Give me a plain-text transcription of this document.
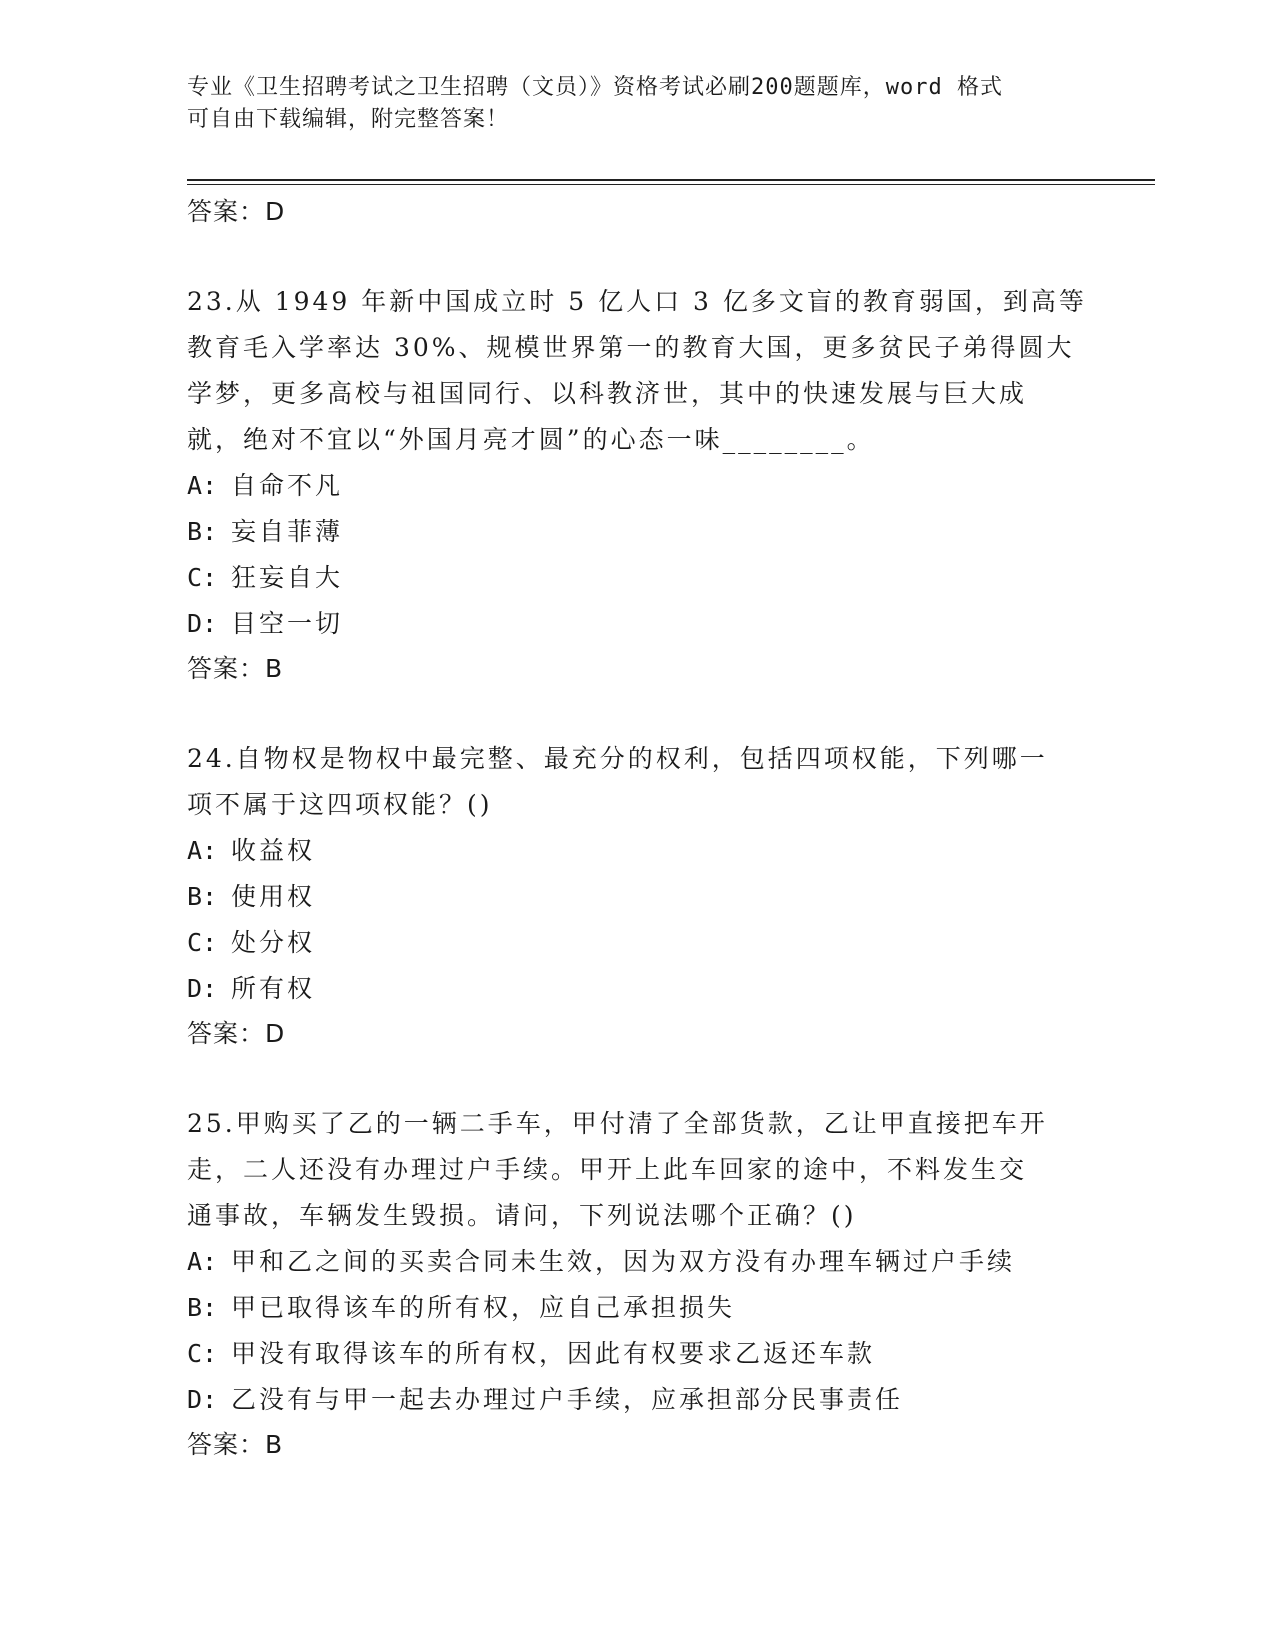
专业《卫生招聘考试之卫生招聘（文员）》资格考试必刷200题题库，word 格式
可自由下载编辑，附完整答案！
答案：D
23.从 1949 年新中国成立时 5 亿人口 3 亿多文盲的教育弱国，到高等
教育毛入学率达 30%、规模世界第一的教育大国，更多贫民子弟得圆大
学梦，更多高校与祖国同行、以科教济世，其中的快速发展与巨大成
就，绝对不宜以“外国月亮才圆”的心态一味________。
A: 自命不凡
B: 妄自菲薄
C: 狂妄自大
D: 目空一切
答案：B
24.自物权是物权中最完整、最充分的权利，包括四项权能，下列哪一
项不属于这四项权能？()
A: 收益权
B: 使用权
C: 处分权
D: 所有权
答案：D
25.甲购买了乙的一辆二手车，甲付清了全部货款，乙让甲直接把车开
走，二人还没有办理过户手续。甲开上此车回家的途中，不料发生交
通事故，车辆发生毁损。请问，下列说法哪个正确？()
A: 甲和乙之间的买卖合同未生效，因为双方没有办理车辆过户手续
B: 甲已取得该车的所有权，应自己承担损失
C: 甲没有取得该车的所有权，因此有权要求乙返还车款
D: 乙没有与甲一起去办理过户手续，应承担部分民事责任
答案：B
